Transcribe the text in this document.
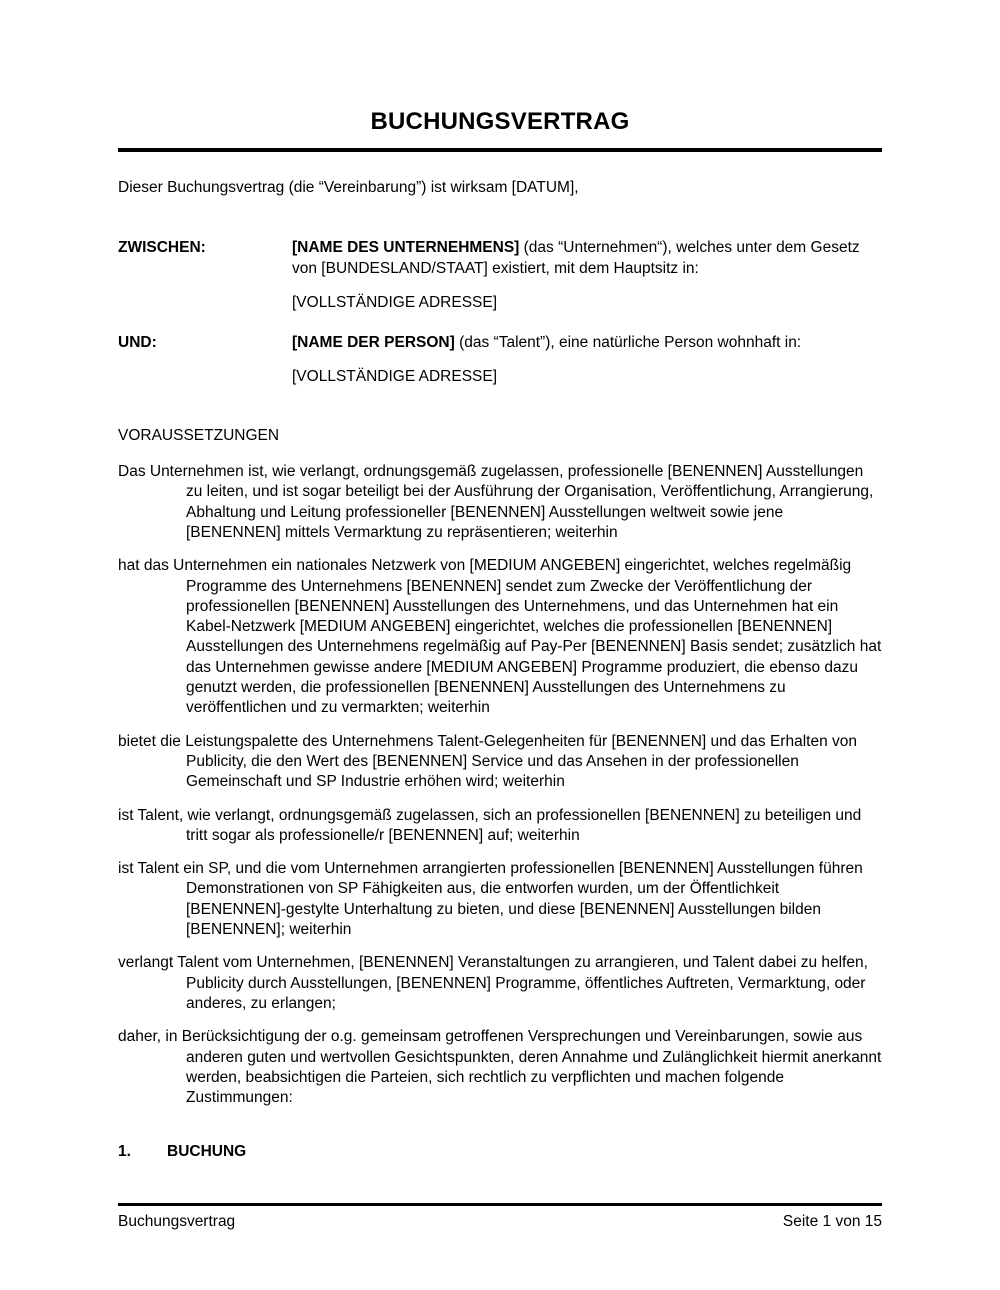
BUCHUNGSVERTRAG

Dieser Buchungsvertrag (die “Vereinbarung”) ist wirksam [DATUM],

ZWISCHEN:	[NAME DES UNTERNEHMENS] (das “Unternehmen“), welches unter dem Gesetz von [BUNDESLAND/STAAT] existiert, mit dem Hauptsitz in:

[VOLLSTÄNDIGE ADRESSE]

UND:	[NAME DER PERSON] (das “Talent”), eine natürliche Person wohnhaft in:

[VOLLSTÄNDIGE ADRESSE]

VORAUSSETZUNGEN

Das Unternehmen ist, wie verlangt, ordnungsgemäß zugelassen, professionelle [BENENNEN] Ausstellungen zu leiten, und ist sogar beteiligt bei der Ausführung der Organisation, Veröffentlichung, Arrangierung, Abhaltung und Leitung professioneller [BENENNEN] Ausstellungen weltweit sowie jene [BENENNEN] mittels Vermarktung zu repräsentieren; weiterhin

hat das Unternehmen ein nationales Netzwerk von [MEDIUM ANGEBEN] eingerichtet, welches regelmäßig Programme des Unternehmens [BENENNEN] sendet zum Zwecke der Veröffentlichung der professionellen [BENENNEN] Ausstellungen des Unternehmens, und das Unternehmen hat ein Kabel-Netzwerk [MEDIUM ANGEBEN] eingerichtet, welches die professionellen [BENENNEN] Ausstellungen des Unternehmens regelmäßig auf Pay-Per [BENENNEN] Basis sendet; zusätzlich hat das Unternehmen gewisse andere [MEDIUM ANGEBEN] Programme produziert, die ebenso dazu genutzt werden, die professionellen [BENENNEN] Ausstellungen des Unternehmens zu veröffentlichen und zu vermarkten; weiterhin

bietet die Leistungspalette des Unternehmens Talent-Gelegenheiten für [BENENNEN] und das Erhalten von Publicity, die den Wert des [BENENNEN] Service und das Ansehen in der professionellen Gemeinschaft und SP Industrie erhöhen wird; weiterhin

ist Talent, wie verlangt, ordnungsgemäß zugelassen, sich an professionellen [BENENNEN] zu beteiligen und tritt sogar als professionelle/r [BENENNEN] auf; weiterhin

ist Talent ein SP, und die vom Unternehmen arrangierten professionellen [BENENNEN] Ausstellungen führen Demonstrationen von SP Fähigkeiten aus, die entworfen wurden, um der Öffentlichkeit [BENENNEN]-gestylte Unterhaltung zu bieten, und diese [BENENNEN] Ausstellungen bilden [BENENNEN]; weiterhin

verlangt Talent vom Unternehmen, [BENENNEN] Veranstaltungen zu arrangieren, und Talent dabei zu helfen, Publicity durch Ausstellungen, [BENENNEN] Programme, öffentliches Auftreten, Vermarktung, oder anderes, zu erlangen;

daher, in Berücksichtigung der o.g. gemeinsam getroffenen Versprechungen und Vereinbarungen, sowie aus anderen guten und wertvollen Gesichtspunkten, deren Annahme und Zulänglichkeit hiermit anerkannt werden, beabsichtigen die Parteien, sich rechtlich zu verpflichten und machen folgende Zustimmungen:

1.	BUCHUNG
Buchungsvertrag	Seite 1 von 15
